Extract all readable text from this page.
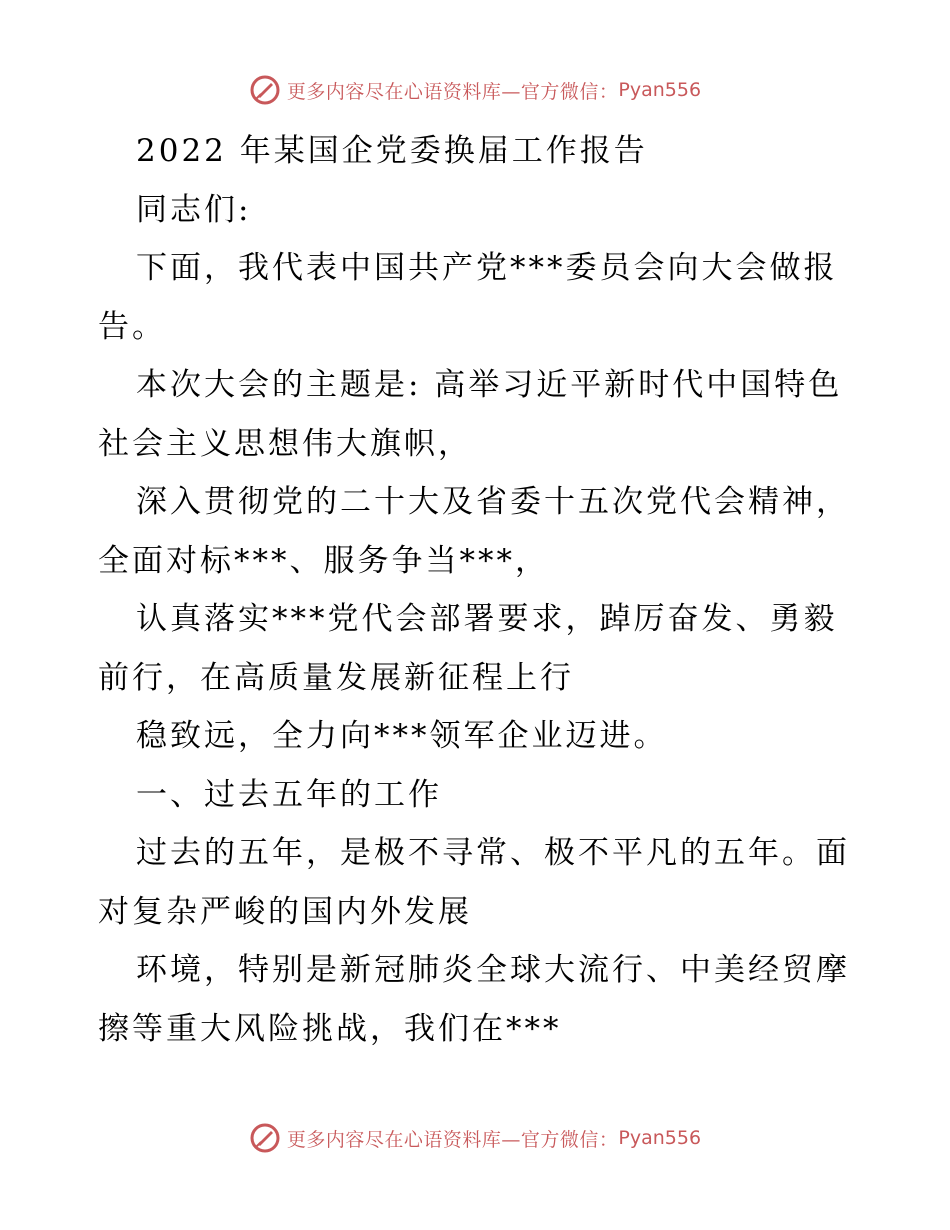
更多内容尽在心语资料库—官方微信： Pyan556

2022 年某国企党委换届工作报告

同志们:

下面，我代表中国共产党***委员会向大会做报告。

本次大会的主题是: 高举习近平新时代中国特色社会主义思想伟大旗帜，

深入贯彻党的二十大及省委十五次党代会精神，全面对标***、服务争当***，

认真落实***党代会部署要求，踔厉奋发、勇毅前行，在高质量发展新征程上行

稳致远，全力向***领军企业迈进。

一、过去五年的工作

过去的五年，是极不寻常、极不平凡的五年。面对复杂严峻的国内外发展

环境，特别是新冠肺炎全球大流行、中美经贸摩擦等重大风险挑战，我们在***

更多内容尽在心语资料库—官方微信： Pyan556
